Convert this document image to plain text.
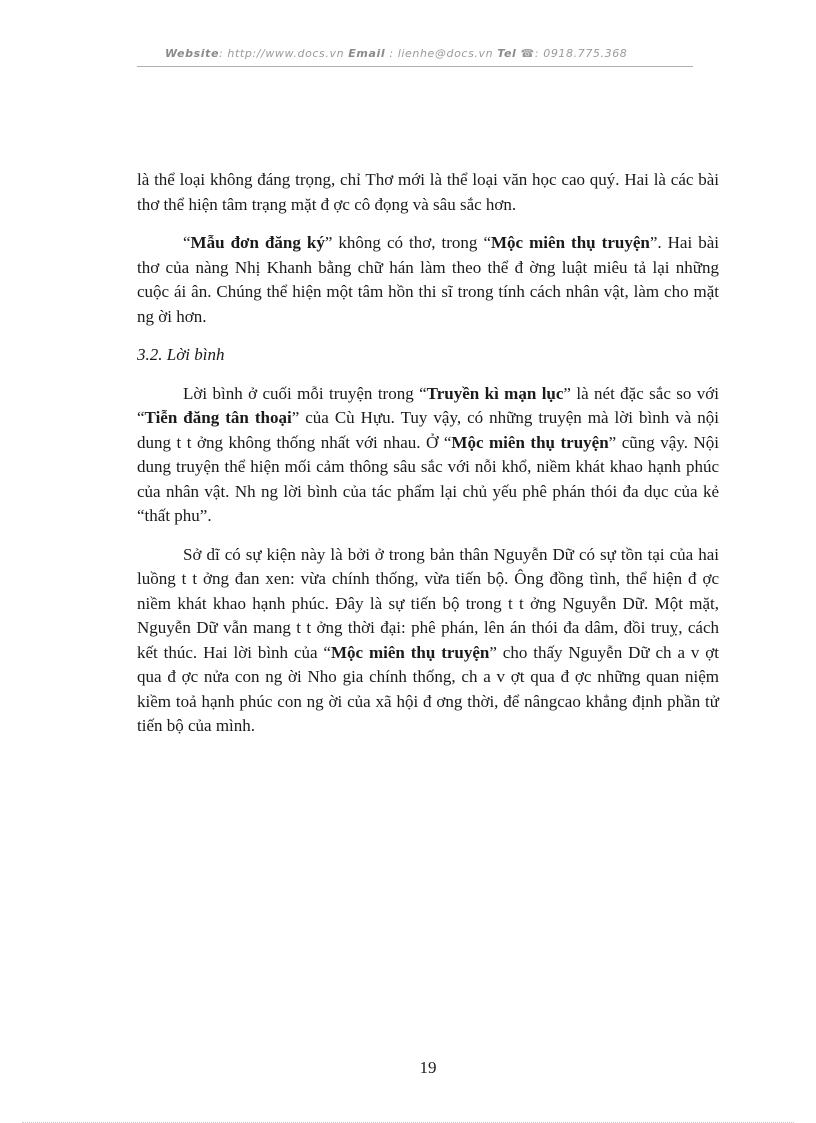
Website: http://www.docs.vn Email : lienhe@docs.vn Tel ☎: 0918.775.368

là thể loại không đáng trọng, chỉ Thơ mới là thể loại văn học cao quý. Hai là các bài thơ thể hiện tâm trạng mặt đ ợc cô đọng và sâu sắc hơn.

“Mẫu đơn đăng ký” không có thơ, trong “Mộc miên thụ truyện”. Hai bài thơ của nàng Nhị Khanh bằng chữ hán làm theo thể đ ờng luật miêu tả lại những cuộc ái ân. Chúng thể hiện một tâm hồn thi sĩ trong tính cách nhân vật, làm cho mặt ng ời hơn.

3.2. Lời bình

Lời bình ở cuối mỗi truyện trong “Truyền kì mạn lục” là nét đặc sắc so với “Tiễn đăng tân thoại” của Cù Hựu. Tuy vậy, có những truyện mà lời bình và nội dung t t ởng không thống nhất với nhau. Ở “Mộc miên thụ truyện” cũng vậy. Nội dung truyện thể hiện mối cảm thông sâu sắc với nỗi khổ, niềm khát khao hạnh phúc của nhân vật. Nh ng lời bình của tác phẩm lại chủ yếu phê phán thói đa dục của kẻ “thất phu”.

Sở dĩ có sự kiện này là bởi ở trong bản thân Nguyễn Dữ có sự tồn tại của hai luồng t t ởng đan xen: vừa chính thống, vừa tiến bộ. Ông đồng tình, thể hiện đ ợc niềm khát khao hạnh phúc. Đây là sự tiến bộ trong t t ởng Nguyễn Dữ. Một mặt, Nguyễn Dữ vẫn mang t t ởng thời đại: phê phán, lên án thói đa dâm, đồi truỵ, cách kết thúc. Hai lời bình của “Mộc miên thụ truyện” cho thấy Nguyễn Dữ ch a v ợt qua đ ợc nửa con ng ời Nho gia chính thống, ch a v ợt qua đ ợc những quan niệm kiềm toả hạnh phúc con ng ời của xã hội đ ơng thời, để nângcao khẳng định phần tử tiến bộ của mình.

19
